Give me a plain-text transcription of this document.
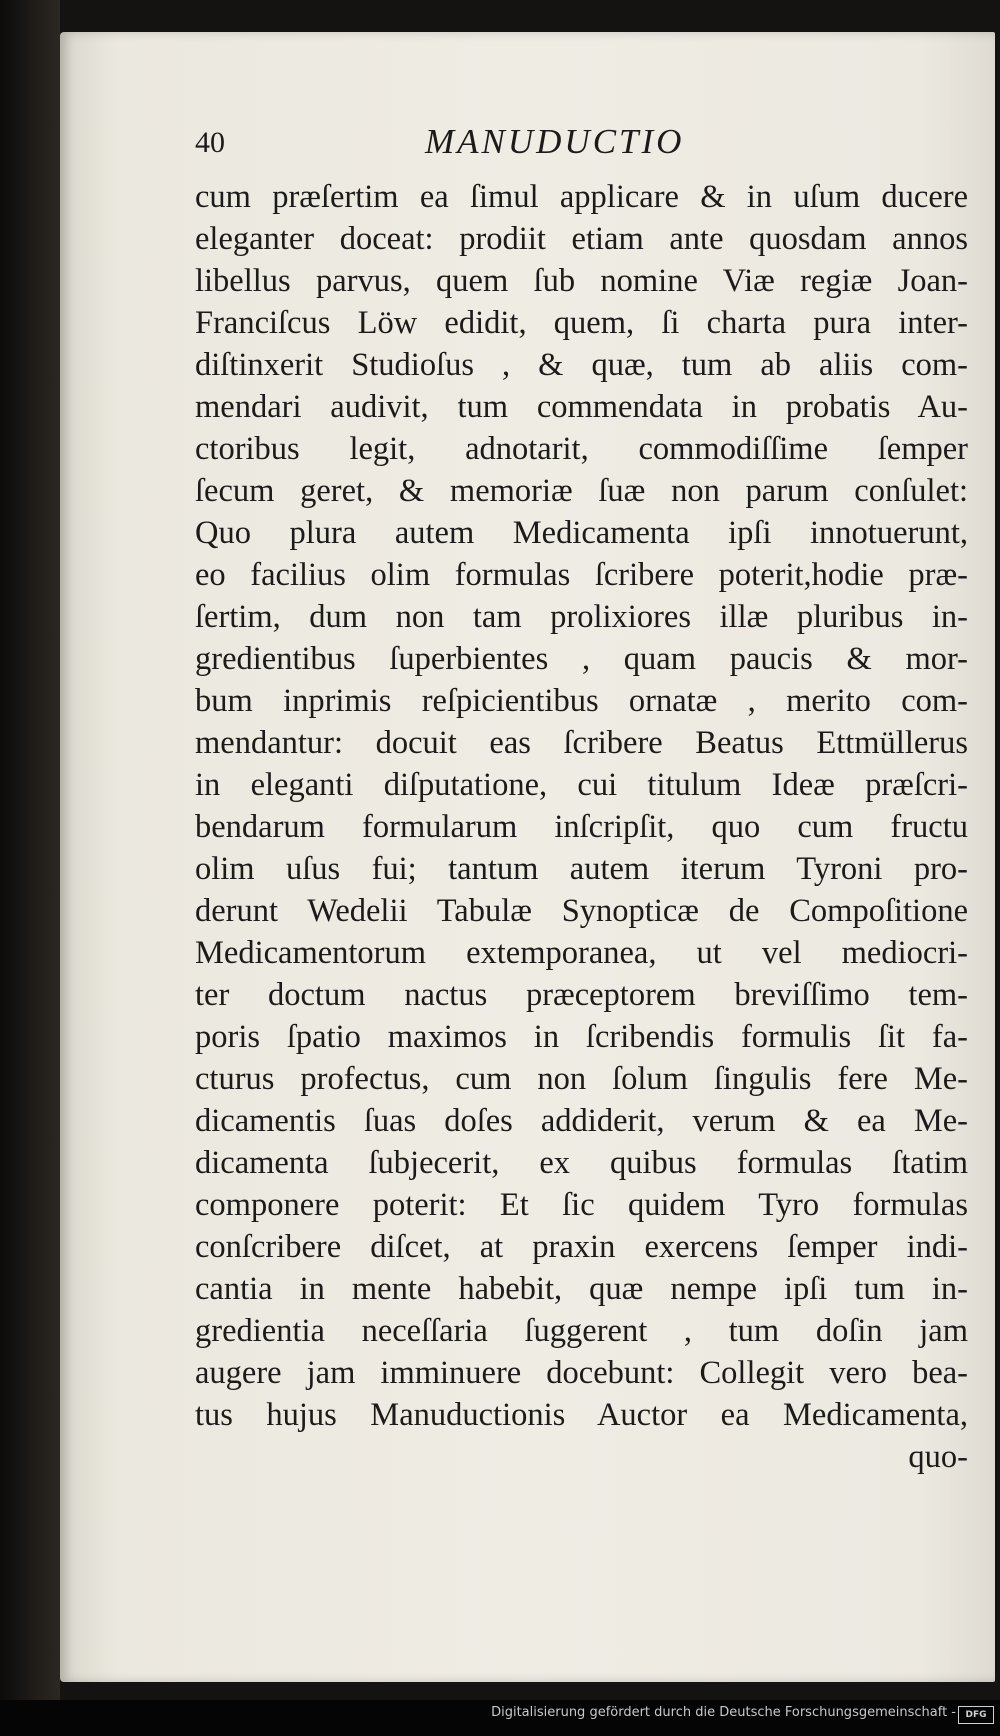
40	MANUDUCTIO
cum præſertim ea ſimul applicare & in uſum ducere
eleganter doceat: prodiit etiam ante quosdam annos
libellus parvus, quem ſub nomine Viæ regiæ Joan-
Franciſcus Löw edidit, quem, ſi charta pura inter-
diſtinxerit Studioſus , & quæ, tum ab aliis com-
mendari audivit, tum commendata in probatis Au-
ctoribus legit, adnotarit, commodiſſime ſemper
ſecum geret, & memoriæ ſuæ non parum conſulet:
Quo plura autem Medicamenta ipſi innotuerunt,
eo facilius olim formulas ſcribere poterit,hodie præ-
ſertim, dum non tam prolixiores illæ pluribus in-
gredientibus ſuperbientes , quam paucis & mor-
bum inprimis reſpicientibus ornatæ , merito com-
mendantur: docuit eas ſcribere Beatus Ettmüllerus
in eleganti diſputatione, cui titulum Ideæ præſcri-
bendarum formularum inſcripſit, quo cum fructu
olim uſus fui; tantum autem iterum Tyroni pro-
derunt Wedelii Tabulæ Synopticæ de Compoſitione
Medicamentorum extemporanea, ut vel mediocri-
ter doctum nactus præceptorem breviſſimo tem-
poris ſpatio maximos in ſcribendis formulis ſit fa-
cturus profectus, cum non ſolum ſingulis fere Me-
dicamentis ſuas doſes addiderit, verum & ea Me-
dicamenta ſubjecerit, ex quibus formulas ſtatim
componere poterit: Et ſic quidem Tyro formulas
conſcribere diſcet, at praxin exercens ſemper indi-
cantia in mente habebit, quæ nempe ipſi tum in-
gredientia neceſſaria ſuggerent , tum doſin jam
augere jam imminuere docebunt: Collegit vero bea-
tus hujus Manuductionis Auctor ea Medicamenta,
quo-
Digitalisierung gefördert durch die Deutsche Forschungsgemeinschaft -	DFG
